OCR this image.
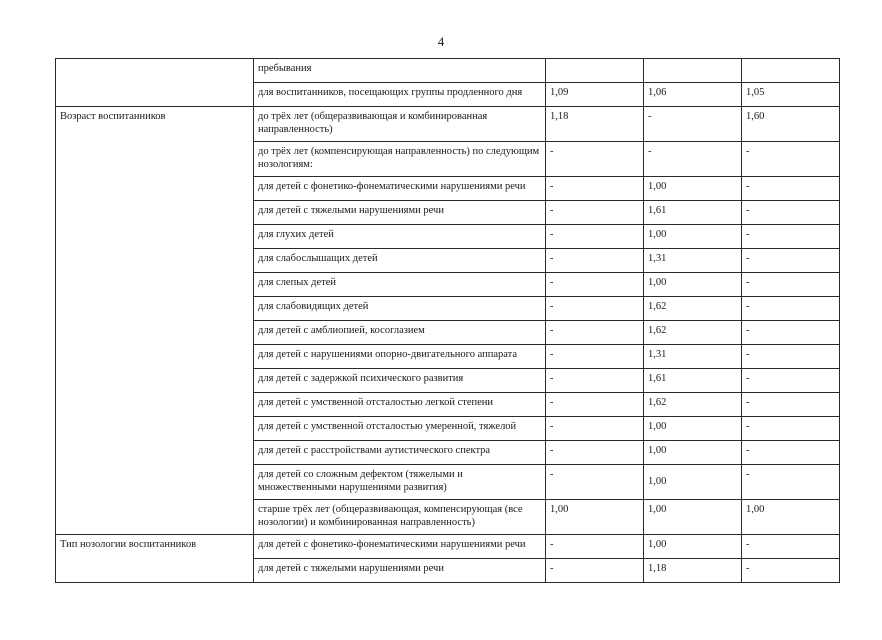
4
	пребывания			
	для воспитанников, посещающих группы продленного дня	1,09	1,06	1,05
Возраст воспитанников	до трёх лет (общеразвивающая и комбинированная направленность)	1,18	-	1,60
	до трёх лет (компенсирующая направленность) по следующим нозологиям:	-	-	-
	для детей с фонетико-фонематическими нарушениями речи	-	1,00	-
	для детей с тяжелыми нарушениями речи	-	1,61	-
	для глухих детей	-	1,00	-
	для слабослышащих детей	-	1,31	-
	для слепых детей	-	1,00	-
	для слабовидящих детей	-	1,62	-
	для детей с амблиопией, косоглазием	-	1,62	-
	для детей с нарушениями опорно-двигательного аппарата	-	1,31	-
	для детей с задержкой психического развития	-	1,61	-
	для детей с умственной отсталостью легкой степени	-	1,62	-
	для детей с умственной отсталостью умеренной, тяжелой	-	1,00	-
	для детей с расстройствами аутистического спектра	-	1,00	-
	для детей со сложным дефектом (тяжелыми и множественными нарушениями развития)	-	1,00	-
	старше трёх лет (общеразвивающая, компенсирующая (все нозологии) и комбинированная направленность)	1,00	1,00	1,00
Тип нозологии воспитанников	для детей с фонетико-фонематическими нарушениями речи	-	1,00	-
	для детей с тяжелыми нарушениями речи	-	1,18	-
